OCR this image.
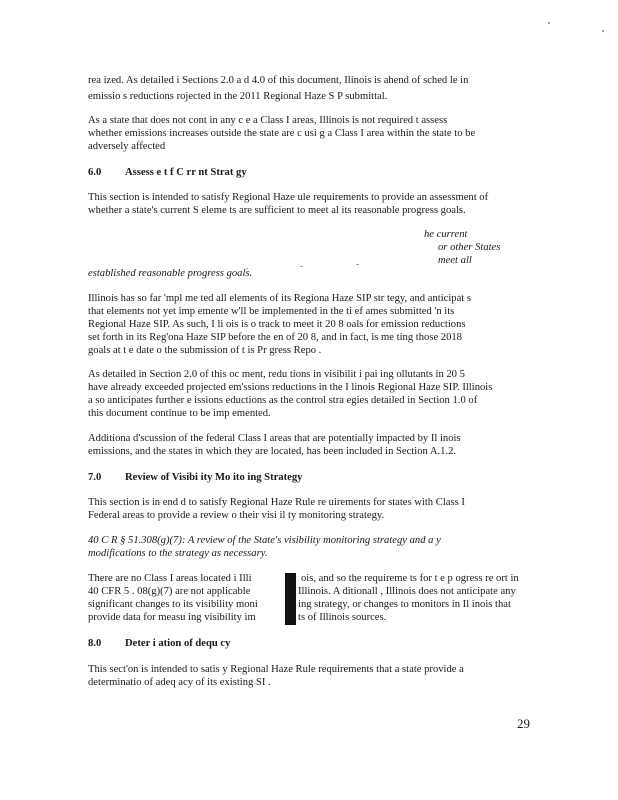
rea ized. As detailed i Sections 2.0 a d 4.0 of this document, Ilinois is ahend of sched le in
emissio s reductions rojected in the 2011 Regional Haze S P submittal.
As a state that does not cont in any c e a Class I areas, Illinois is not required t assess
whether emissions increases outside the state are c usi g a Class I area within the state to be
adversely affected
6.0 Assess e t f C rr nt Strat gy
This section is intended to satisfy Regional Haze ule requirements to provide an assessment of
whether a state's current S eleme ts are sufficient to meet al its reasonable progress goals.
he current
or other States
meet all
established reasonable progress goals.
Illinois has so far 'mpl me ted all elements of its Regiona Haze SIP str tegy, and anticipat s
that elements not yet imp emente w'll be implemented in the ti ef ames submitted 'n its
Regional Haze SIP. As such, I li ois is o track to meet it 20 8 oals for emission reductions
set forth in its Reg'ona Haze SIP before the en of 20 8, and in fact, is me ting those 2018
goals at t e date o the submission of t is Pr gress Repo .
As detailed in Section 2.0 of this oc ment, redu tions in visibilit i pai ing ollutants in 20 5
have already exceeded projected em'ssions reductions in the I linois Regional Haze SIP. Illinois
a so anticipates further e issions eductions as the control stra egies detailed in Section 1.0 of
this document continue to be imp emented.
Additiona d'scussion of the federal Class I areas that are potentially impacted by Il inois
emissions, and the states in which they are located, has been included in Section A.1.2.
7.0 Review of Visibi ity Mo ito ing Strategy
This section is in end d to satisfy Regional Haze Rule re uirements for states with Class I
Federal areas to provide a review o their visi il ty monitoring strategy.
40 C R § 51.308(g)(7): A review of the State's visibility monitoring strategy and a y
modifications to the strategy as necessary.
There are no Class I areas located i Illi
40 CFR 5 . 08(g)(7) are not applicable
significant changes to its visibility moni
provide data for measu ing visibility im
ois, and so the requireme ts for t e p ogress re ort in
Illinois. A ditionall , Illinois does not anticipate any
ing strategy, or changes to monitors in Il inois that
ts of Illinois sources.
8.0 Deter i ation of dequ cy
This sect'on is intended to satis y Regional Haze Rule requirements that a state provide a
determinatio of adeq acy of its existing SI .
29
